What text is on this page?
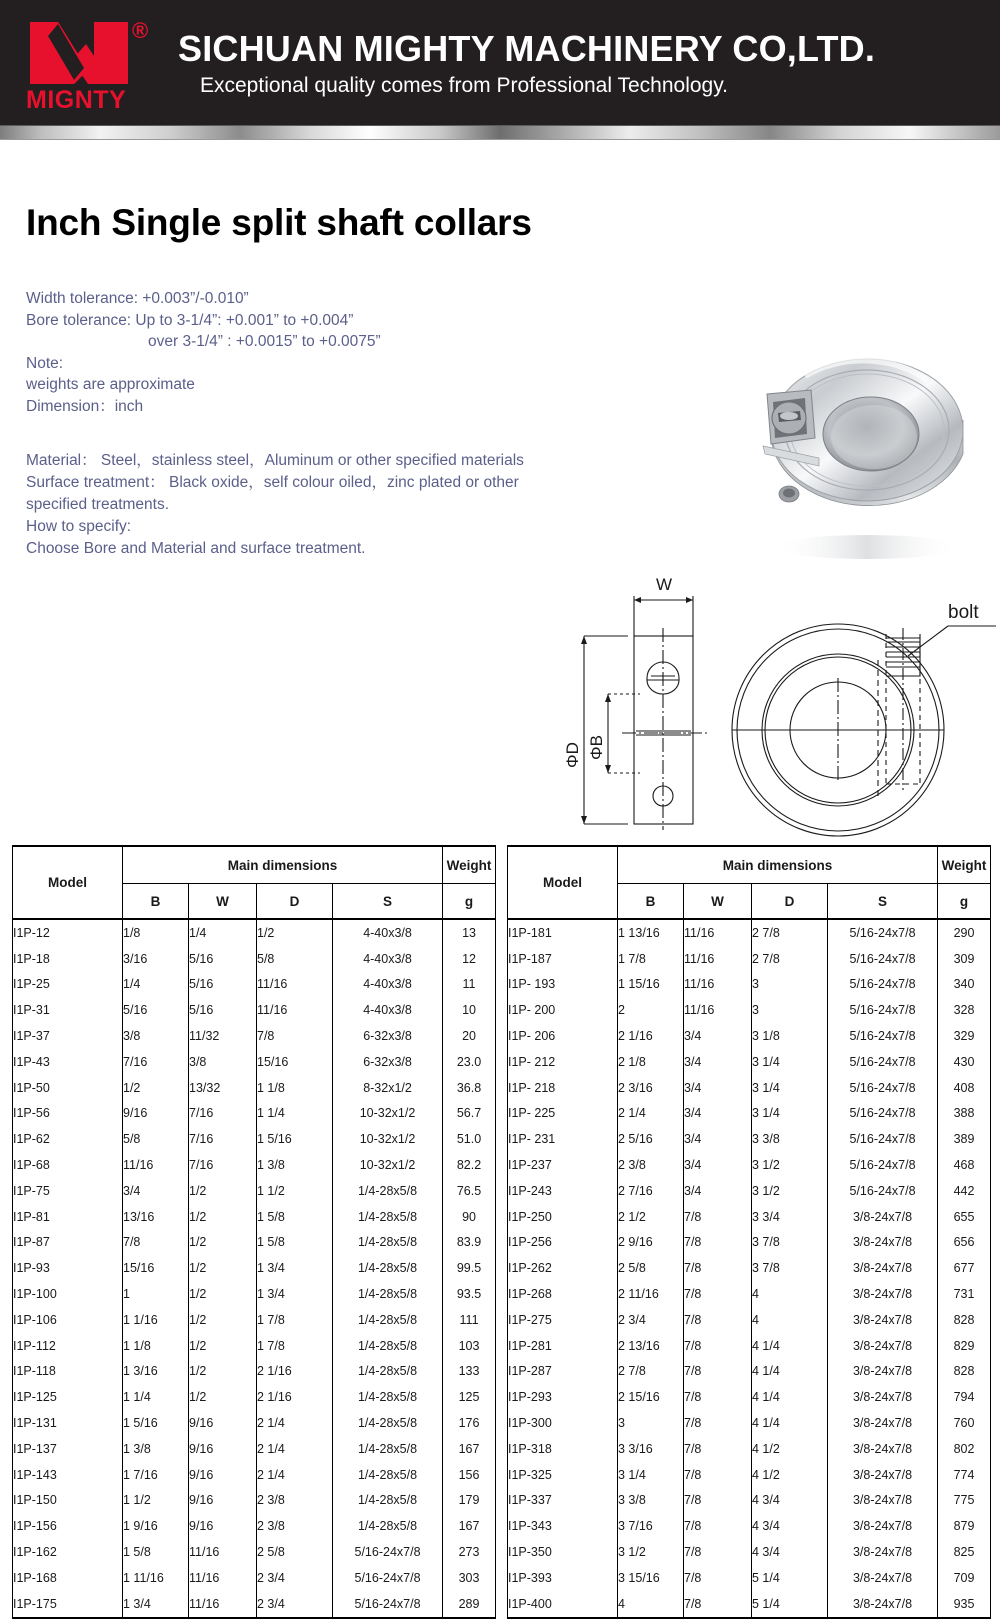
®
MIGNTY
SICHUAN MIGHTY MACHINERY CO,LTD.
Exceptional quality comes from Professional Technology.
Inch Single split shaft collars
Width tolerance: +0.003”/-0.010”
Bore tolerance: Up to 3-1/4”: +0.001” to +0.004”
over 3-1/4” : +0.0015” to +0.0075”
Note:
weights are approximate
Dimension：inch
Material： Steel，stainless steel，Aluminum or other specified materials
Surface treatment： Black oxide，self colour oiled，zinc plated or other specified treatments.
How to specify:
Choose Bore and Material and surface treatment.
W
ΦD ΦB
bolt
Model	Main dimensions				Weight
	B	W	D	S	g
I1P-12	1/8	1/4	1/2	4-40x3/8	13
I1P-18	3/16	5/16	5/8	4-40x3/8	12
I1P-25	1/4	5/16	11/16	4-40x3/8	11
I1P-31	5/16	5/16	11/16	4-40x3/8	10
I1P-37	3/8	11/32	7/8	6-32x3/8	20
I1P-43	7/16	3/8	15/16	6-32x3/8	23.0
I1P-50	1/2	13/32	1 1/8	8-32x1/2	36.8
I1P-56	9/16	7/16	1 1/4	10-32x1/2	56.7
I1P-62	5/8	7/16	1 5/16	10-32x1/2	51.0
I1P-68	11/16	7/16	1 3/8	10-32x1/2	82.2
I1P-75	3/4	1/2	1 1/2	1/4-28x5/8	76.5
I1P-81	13/16	1/2	1 5/8	1/4-28x5/8	90
I1P-87	7/8	1/2	1 5/8	1/4-28x5/8	83.9
I1P-93	15/16	1/2	1 3/4	1/4-28x5/8	99.5
I1P-100	1	1/2	1 3/4	1/4-28x5/8	93.5
I1P-106	1 1/16	1/2	1 7/8	1/4-28x5/8	111
I1P-112	1 1/8	1/2	1 7/8	1/4-28x5/8	103
I1P-118	1 3/16	1/2	2 1/16	1/4-28x5/8	133
I1P-125	1 1/4	1/2	2 1/16	1/4-28x5/8	125
I1P-131	1 5/16	9/16	2 1/4	1/4-28x5/8	176
I1P-137	1 3/8	9/16	2 1/4	1/4-28x5/8	167
I1P-143	1 7/16	9/16	2 1/4	1/4-28x5/8	156
I1P-150	1 1/2	9/16	2 3/8	1/4-28x5/8	179
I1P-156	1 9/16	9/16	2 3/8	1/4-28x5/8	167
I1P-162	1 5/8	11/16	2 5/8	5/16-24x7/8	273
I1P-168	1 11/16	11/16	2 3/4	5/16-24x7/8	303
I1P-175	1 3/4	11/16	2 3/4	5/16-24x7/8	289
Model	Main dimensions				Weight
	B	W	D	S	g
I1P-181	1 13/16	11/16	2 7/8	5/16-24x7/8	290
I1P-187	1 7/8	11/16	2 7/8	5/16-24x7/8	309
I1P- 193	1 15/16	11/16	3	5/16-24x7/8	340
I1P- 200	2	11/16	3	5/16-24x7/8	328
I1P- 206	2 1/16	3/4	3 1/8	5/16-24x7/8	329
I1P- 212	2 1/8	3/4	3 1/4	5/16-24x7/8	430
I1P- 218	2 3/16	3/4	3 1/4	5/16-24x7/8	408
I1P- 225	2 1/4	3/4	3 1/4	5/16-24x7/8	388
I1P- 231	2 5/16	3/4	3 3/8	5/16-24x7/8	389
I1P-237	2 3/8	3/4	3 1/2	5/16-24x7/8	468
I1P-243	2 7/16	3/4	3 1/2	5/16-24x7/8	442
I1P-250	2 1/2	7/8	3 3/4	3/8-24x7/8	655
I1P-256	2 9/16	7/8	3 7/8	3/8-24x7/8	656
I1P-262	2 5/8	7/8	3 7/8	3/8-24x7/8	677
I1P-268	2 11/16	7/8	4	3/8-24x7/8	731
I1P-275	2 3/4	7/8	4	3/8-24x7/8	828
I1P-281	2 13/16	7/8	4 1/4	3/8-24x7/8	829
I1P-287	2 7/8	7/8	4 1/4	3/8-24x7/8	828
I1P-293	2 15/16	7/8	4 1/4	3/8-24x7/8	794
I1P-300	3	7/8	4 1/4	3/8-24x7/8	760
I1P-318	3 3/16	7/8	4 1/2	3/8-24x7/8	802
I1P-325	3 1/4	7/8	4 1/2	3/8-24x7/8	774
I1P-337	3 3/8	7/8	4 3/4	3/8-24x7/8	775
I1P-343	3 7/16	7/8	4 3/4	3/8-24x7/8	879
I1P-350	3 1/2	7/8	4 3/4	3/8-24x7/8	825
I1P-393	3 15/16	7/8	5 1/4	3/8-24x7/8	709
I1P-400	4	7/8	5 1/4	3/8-24x7/8	935
